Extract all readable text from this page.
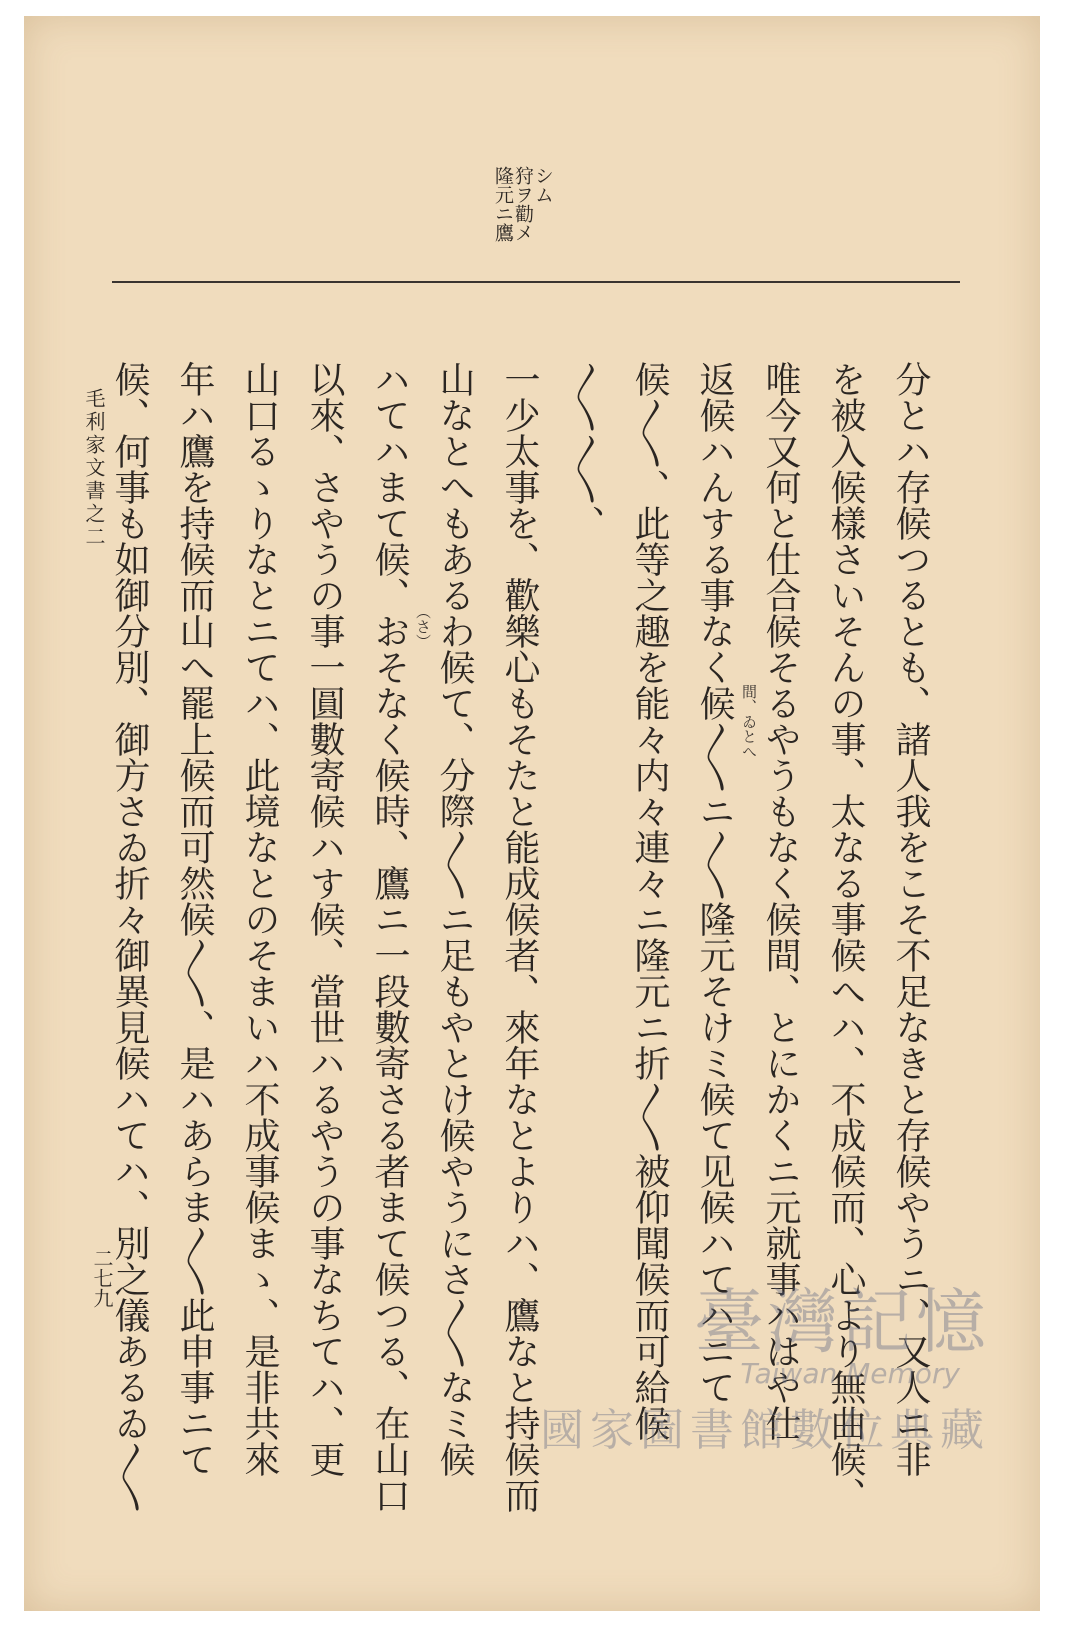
隆元ニ鷹
狩ヲ勸メ
シム
分とハ存候つるとも、諸人我をこそ不足なきと存候やうニ、又人ニ非
を被入候樣さいそんの事、太なる事候へハ、不成候而、心より無曲候、
唯今又何と仕合候そるやうもなく候間、とにかくニ元就事ハはや仕
返候ハんする事なく候〳〵ニ〳〵隆元そけミ候て见候ハてハニて
候〳〵、此等之趣を能々内々連々ニ隆元ニ折〳〵被仰聞候而可給候
〳〵〳〵、
一少太事を、歡樂心もそたと能成候者、來年なとよりハ、鷹なと持候而
山なとへもあるわ候て、分際〳〵ニ足もやとけ候やうにさ〳〵なミ候
ハてハまて候、おそなく候時、鷹ニ一段數寄さる者まて候つる、在山口
以來、さやうの事一圓數寄候ハす候、當世ハるやうの事なちてハ、更
山口るゝりなとニてハ、此境なとのそまいハ不成事候まゝ、是非共來
年ハ鷹を持候而山へ罷上候而可然候〳〵、是ハあらま〳〵此申事ニて
候、何事も如御分別、御方さゐ折々御異見候ハてハ、別之儀あるゐ〳〵	間、ゐとへ
（さ）
毛利家文書之二
二七九
臺灣記憶
Taiwan Memory
國家圖書館數位典藏
